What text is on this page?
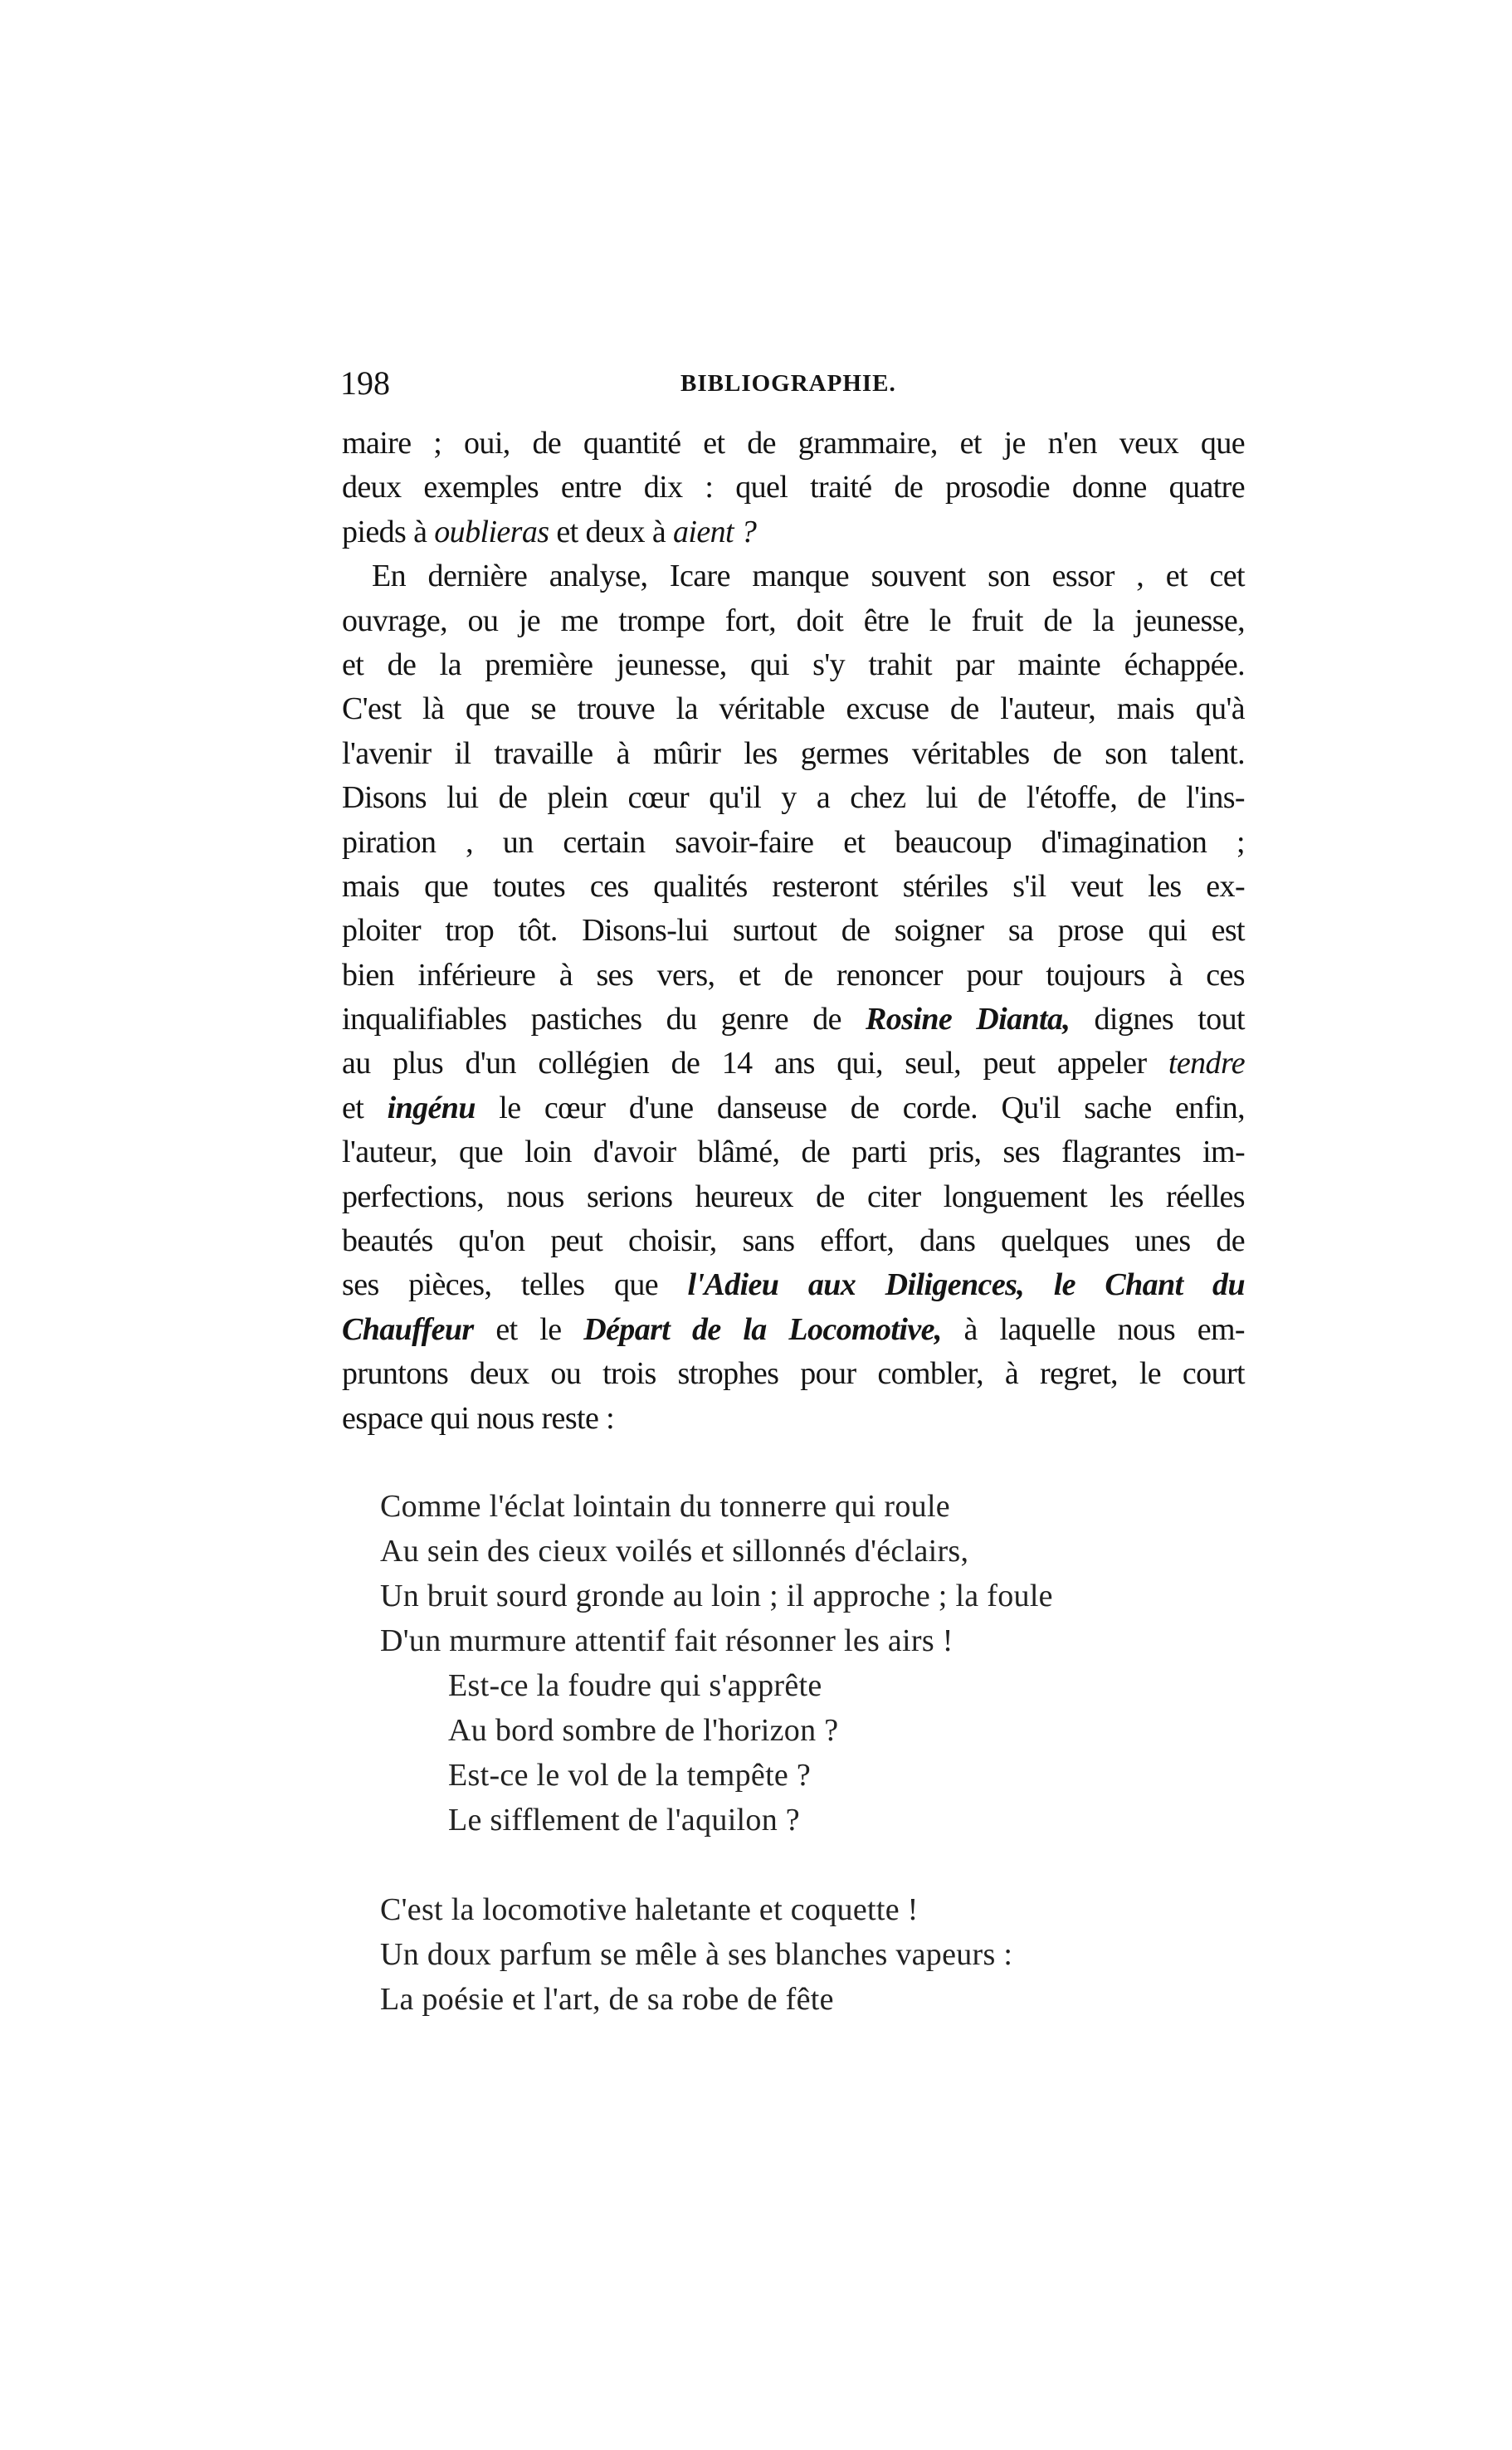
198	BIBLIOGRAPHIE.
maire ; oui, de quantité et de grammaire, et je n'en veux que
deux exemples entre dix : quel traité de prosodie donne quatre
pieds à oublieras et deux à aient ?
En dernière analyse, Icare manque souvent son essor , et cet
ouvrage, ou je me trompe fort, doit être le fruit de la jeunesse,
et de la première jeunesse, qui s'y trahit par mainte échappée.
C'est là que se trouve la véritable excuse de l'auteur, mais qu'à
l'avenir il travaille à mûrir les germes véritables de son talent.
Disons lui de plein cœur qu'il y a chez lui de l'étoffe, de l'ins-
piration , un certain savoir-faire et beaucoup d'imagination ;
mais que toutes ces qualités resteront stériles s'il veut les ex-
ploiter trop tôt. Disons-lui surtout de soigner sa prose qui est
bien inférieure à ses vers, et de renoncer pour toujours à ces
inqualifiables pastiches du genre de Rosine Dianta, dignes tout
au plus d'un collégien de 14 ans qui, seul, peut appeler tendre
et ingénu le cœur d'une danseuse de corde. Qu'il sache enfin,
l'auteur, que loin d'avoir blâmé, de parti pris, ses flagrantes im-
perfections, nous serions heureux de citer longuement les réelles
beautés qu'on peut choisir, sans effort, dans quelques unes de
ses pièces, telles que l'Adieu aux Diligences, le Chant du
Chauffeur et le Départ de la Locomotive, à laquelle nous em-
pruntons deux ou trois strophes pour combler, à regret, le court
espace qui nous reste :
Comme l'éclat lointain du tonnerre qui roule
Au sein des cieux voilés et sillonnés d'éclairs,
Un bruit sourd gronde au loin ; il approche ; la foule
D'un murmure attentif fait résonner les airs !
Est-ce la foudre qui s'apprête
Au bord sombre de l'horizon ?
Est-ce le vol de la tempête ?
Le sifflement de l'aquilon ?
C'est la locomotive haletante et coquette !
Un doux parfum se mêle à ses blanches vapeurs :
La poésie et l'art, de sa robe de fête
